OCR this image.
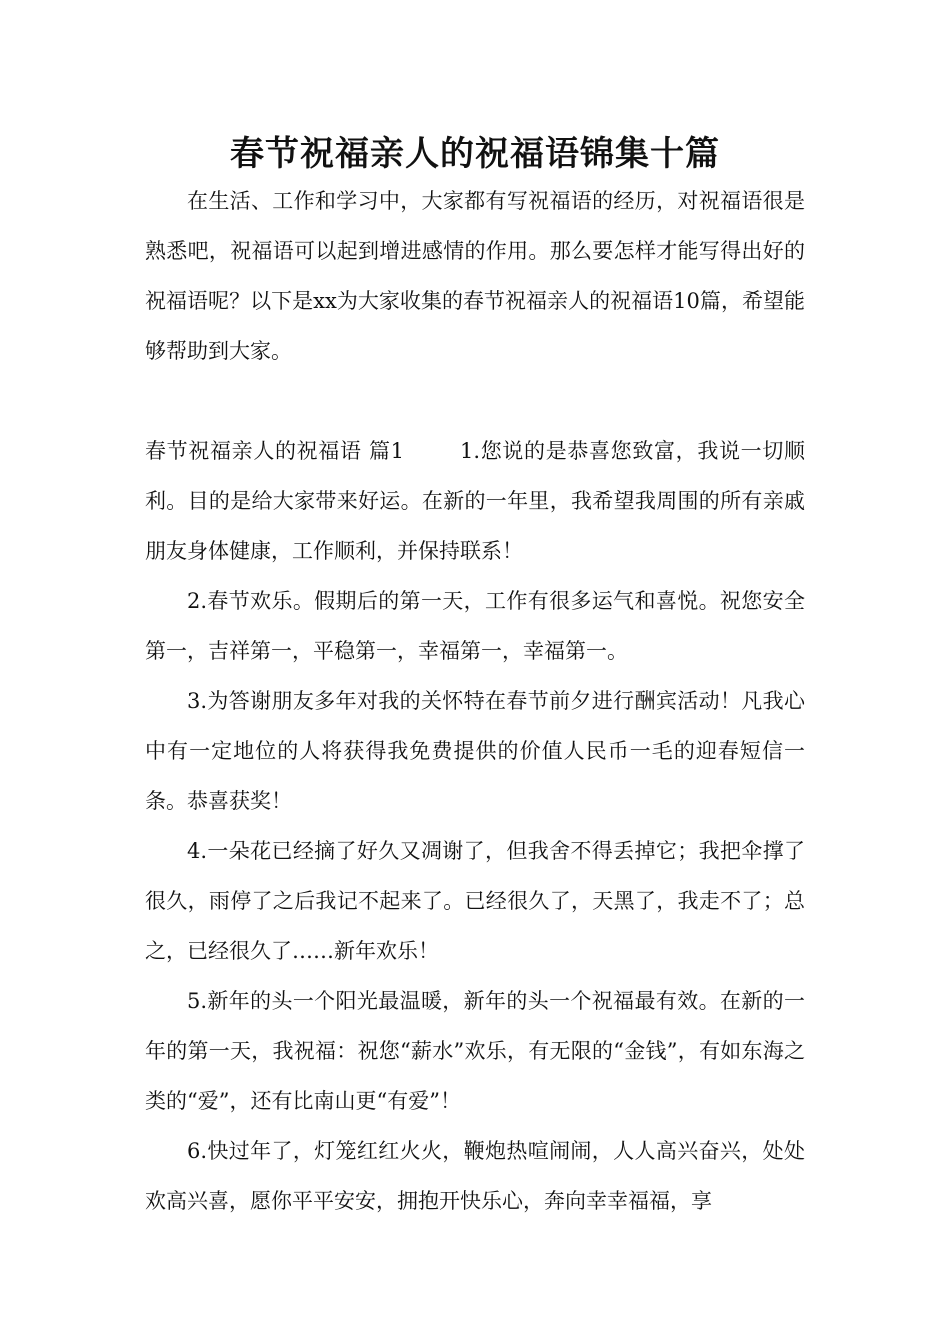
春节祝福亲人的祝福语锦集十篇

在生活、工作和学习中，大家都有写祝福语的经历，对祝福语很是熟悉吧，祝福语可以起到增进感情的作用。那么要怎样才能写得出好的祝福语呢？以下是xx为大家收集的春节祝福亲人的祝福语10篇，希望能够帮助到大家。

春节祝福亲人的祝福语 篇1	1.您说的是恭喜您致富，我说一切顺利。目的是给大家带来好运。在新的一年里，我希望我周围的所有亲戚朋友身体健康，工作顺利，并保持联系！

2.春节欢乐。假期后的第一天，工作有很多运气和喜悦。祝您安全第一，吉祥第一，平稳第一，幸福第一，幸福第一。

3.为答谢朋友多年对我的关怀特在春节前夕进行酬宾活动！凡我心中有一定地位的人将获得我免费提供的价值人民币一毛的迎春短信一条。恭喜获奖！

4.一朵花已经摘了好久又凋谢了，但我舍不得丢掉它；我把伞撑了很久，雨停了之后我记不起来了。已经很久了，天黑了，我走不了；总之，已经很久了……新年欢乐！

5.新年的头一个阳光最温暖，新年的头一个祝福最有效。在新的一年的第一天，我祝福：祝您“薪水”欢乐，有无限的“金钱”，有如东海之类的“爱”，还有比南山更“有爱”！

6.快过年了，灯笼红红火火，鞭炮热喧闹闹，人人高兴奋兴，处处欢高兴喜，愿你平平安安，拥抱开快乐心，奔向幸幸福福，享
